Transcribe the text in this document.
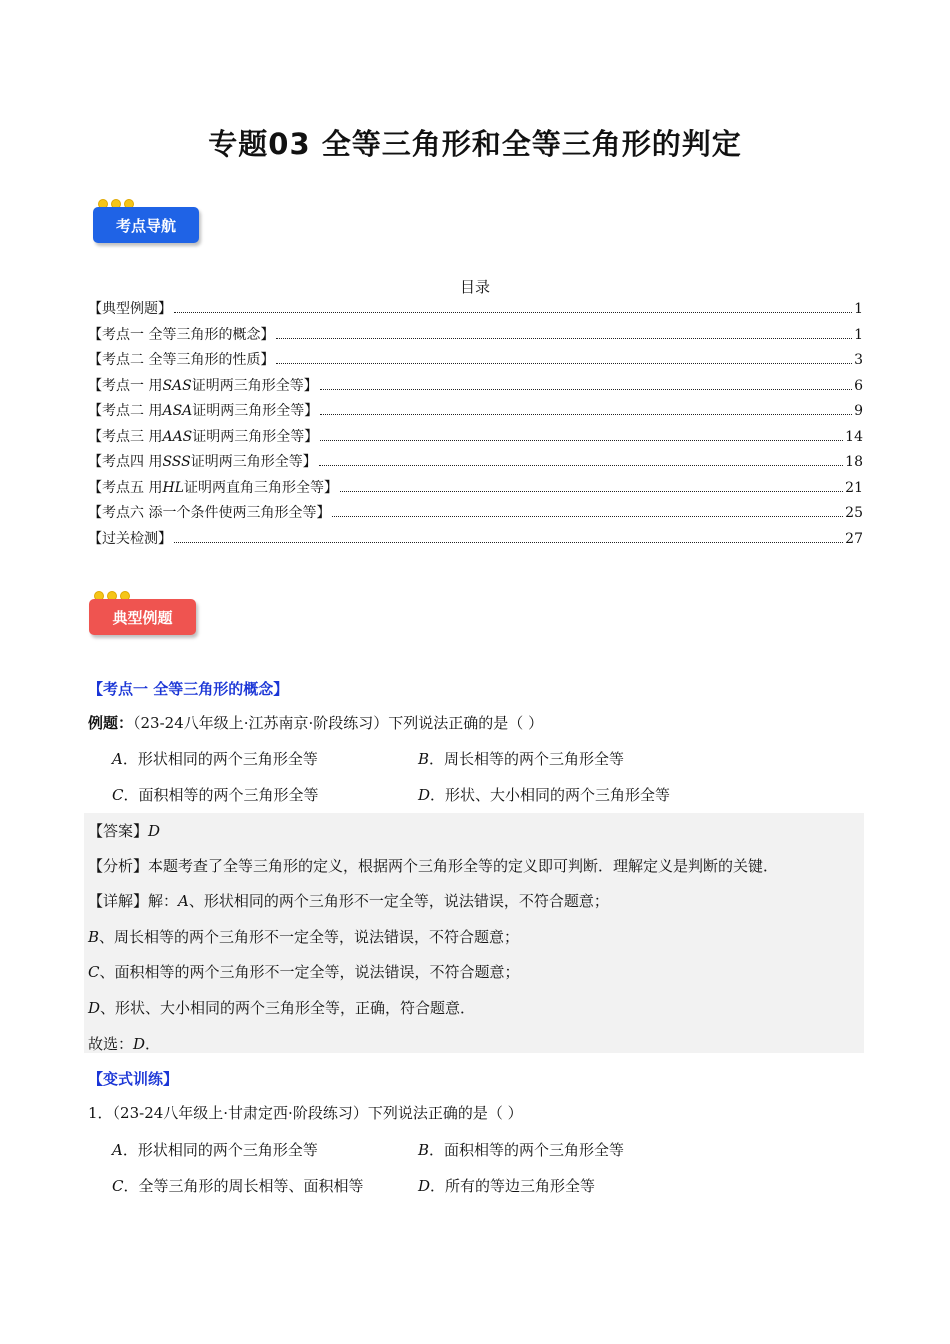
专题03 全等三角形和全等三角形的判定
考点导航
目录
【典型例题】	1
【考点一 全等三角形的概念】	1
【考点二 全等三角形的性质】	3
【考点一 用SAS证明两三角形全等】	6
【考点二 用ASA证明两三角形全等】	9
【考点三 用AAS证明两三角形全等】	14
【考点四 用SSS证明两三角形全等】	18
【考点五 用HL证明两直角三角形全等】	21
【考点六 添一个条件使两三角形全等】	25
【过关检测】	27
典型例题
【考点一 全等三角形的概念】
例题：（23-24八年级上·江苏南京·阶段练习）下列说法正确的是（ ）
A．形状相同的两个三角形全等	B．周长相等的两个三角形全等
C．面积相等的两个三角形全等	D．形状、大小相同的两个三角形全等
【答案】D
【分析】本题考查了全等三角形的定义，根据两个三角形全等的定义即可判断．理解定义是判断的关键．
【详解】解：A、形状相同的两个三角形不一定全等，说法错误，不符合题意；
B、周长相等的两个三角形不一定全等，说法错误，不符合题意；
C、面积相等的两个三角形不一定全等，说法错误，不符合题意；
D、形状、大小相同的两个三角形全等，正确，符合题意．
故选：D．
【变式训练】
1．（23-24八年级上·甘肃定西·阶段练习）下列说法正确的是（ ）
A．形状相同的两个三角形全等	B．面积相等的两个三角形全等
C．全等三角形的周长相等、面积相等	D．所有的等边三角形全等
